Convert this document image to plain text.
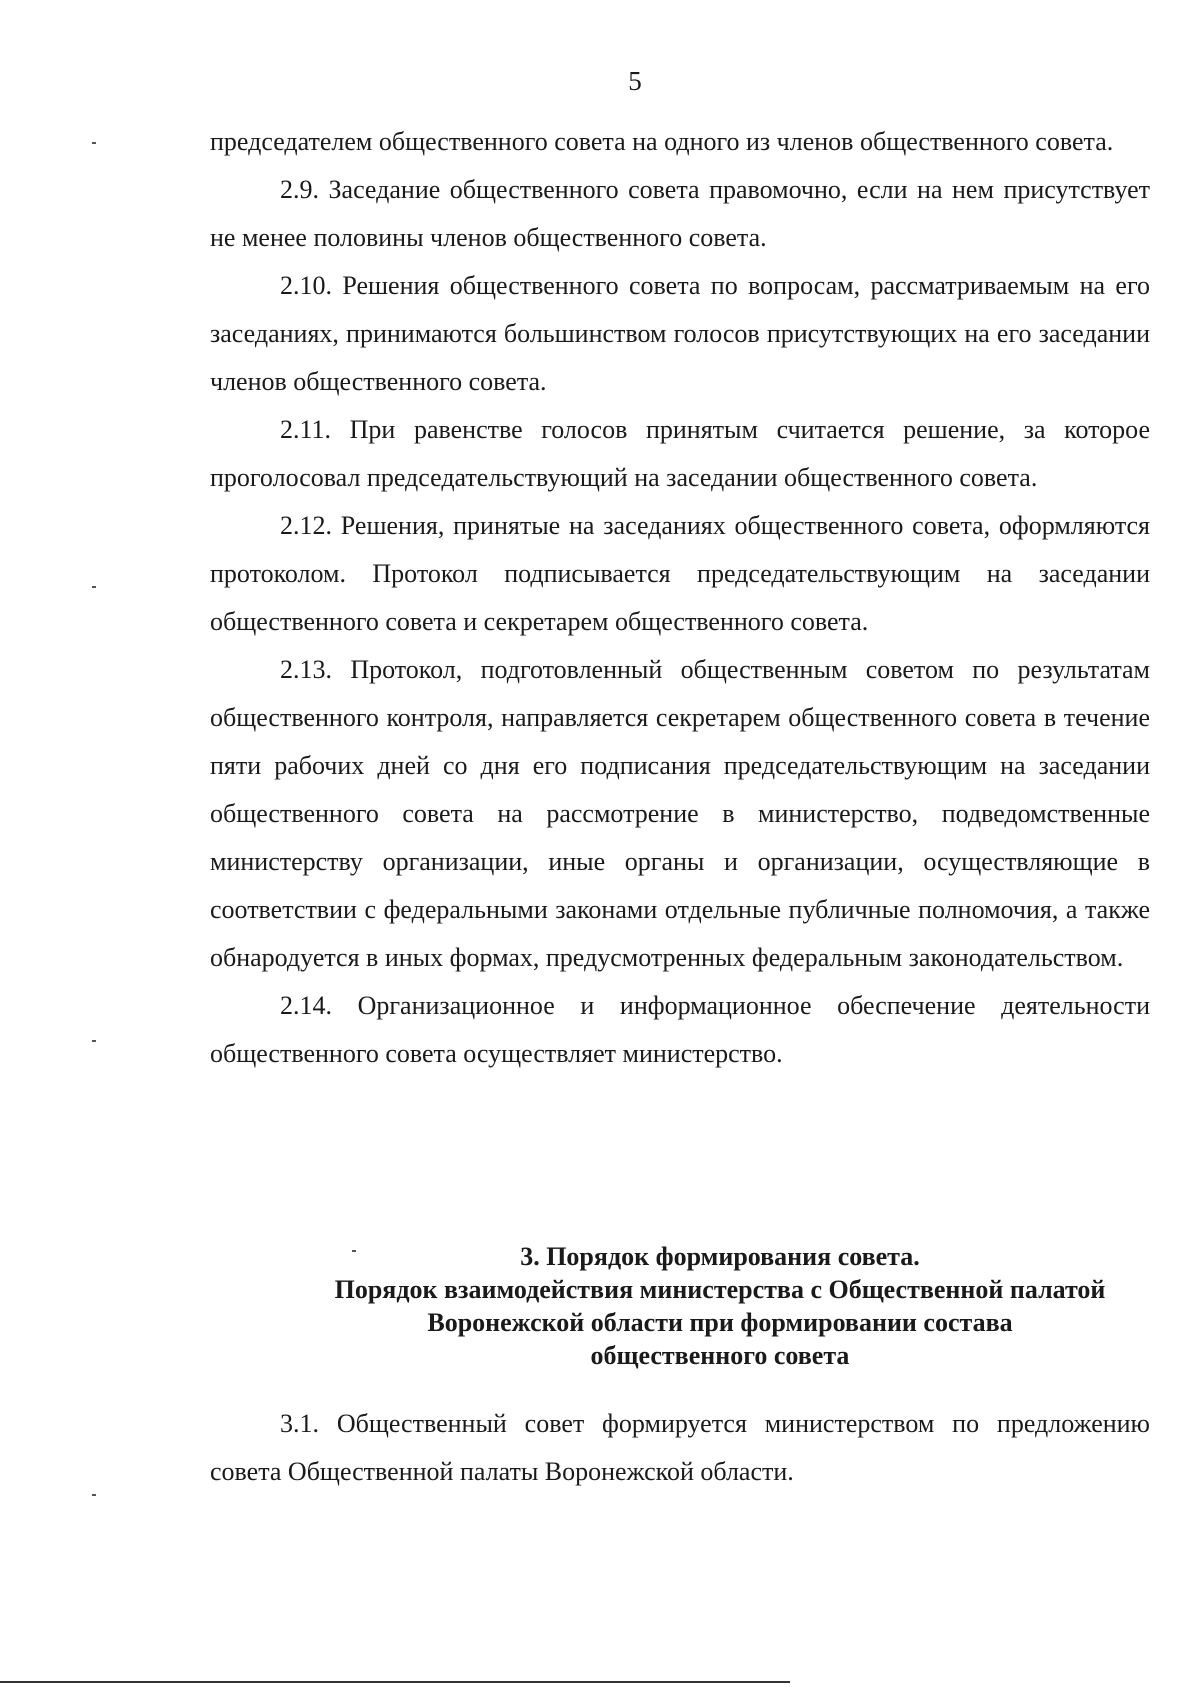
5

председателем общественного совета на одного из членов общественного совета.

2.9. Заседание общественного совета правомочно, если на нем присутствует не менее половины членов общественного совета.

2.10. Решения общественного совета по вопросам, рассматриваемым на его заседаниях, принимаются большинством голосов присутствующих на его заседании членов общественного совета.

2.11. При равенстве голосов принятым считается решение, за которое проголосовал председательствующий на заседании общественного совета.

2.12. Решения, принятые на заседаниях общественного совета, оформляются протоколом. Протокол подписывается председательствующим на заседании общественного совета и секретарем общественного совета.

2.13. Протокол, подготовленный общественным советом по результатам общественного контроля, направляется секретарем общественного совета в течение пяти рабочих дней со дня его подписания председательствующим на заседании общественного совета на рассмотрение в министерство, подведомственные министерству организации, иные органы и организации, осуществляющие в соответствии с федеральными законами отдельные публичные полномочия, а также обнародуется в иных формах, предусмотренных федеральным законодательством.

2.14. Организационное и информационное обеспечение деятельности общественного совета осуществляет министерство.

3. Порядок формирования совета.
Порядок взаимодействия министерства с Общественной палатой
Воронежской области при формировании состава
общественного совета

3.1. Общественный совет формируется министерством по предложению совета Общественной палаты Воронежской области.
